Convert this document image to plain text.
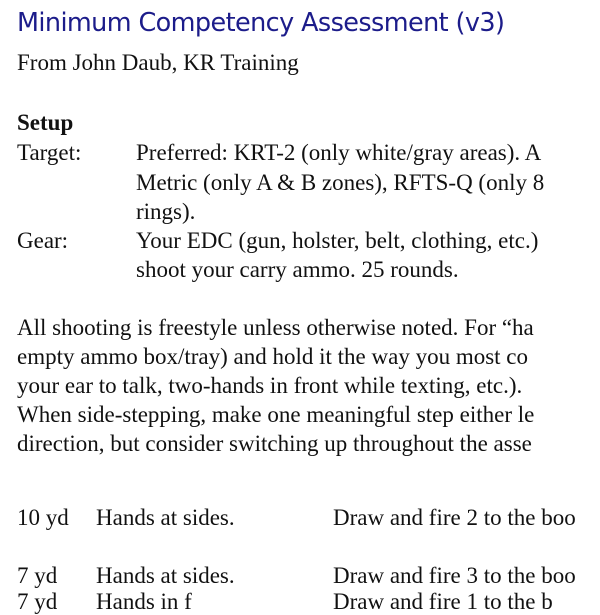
Minimum Competency Assessment (v3)
From John Daub, KR Training
Setup
Target: Preferred: KRT-2 (only white/gray areas). A
Metric (only A & B zones), RFTS-Q (only 8
rings).
Gear:	Your EDC (gun, holster, belt, clothing, etc.)
shoot your carry ammo. 25 rounds.
All shooting is freestyle unless otherwise noted. For “ha
empty ammo box/tray) and hold it the way you most co
your ear to talk, two-hands in front while texting, etc.).
When side-stepping, make one meaningful step either le
direction, but consider switching up throughout the asse
10 yd Hands at sides.	Draw and fire 2 to the boo
7 yd Hands at sides.	Draw and fire 3 to the boo
7 yd Hands in f	Draw and fire 1 to the b
